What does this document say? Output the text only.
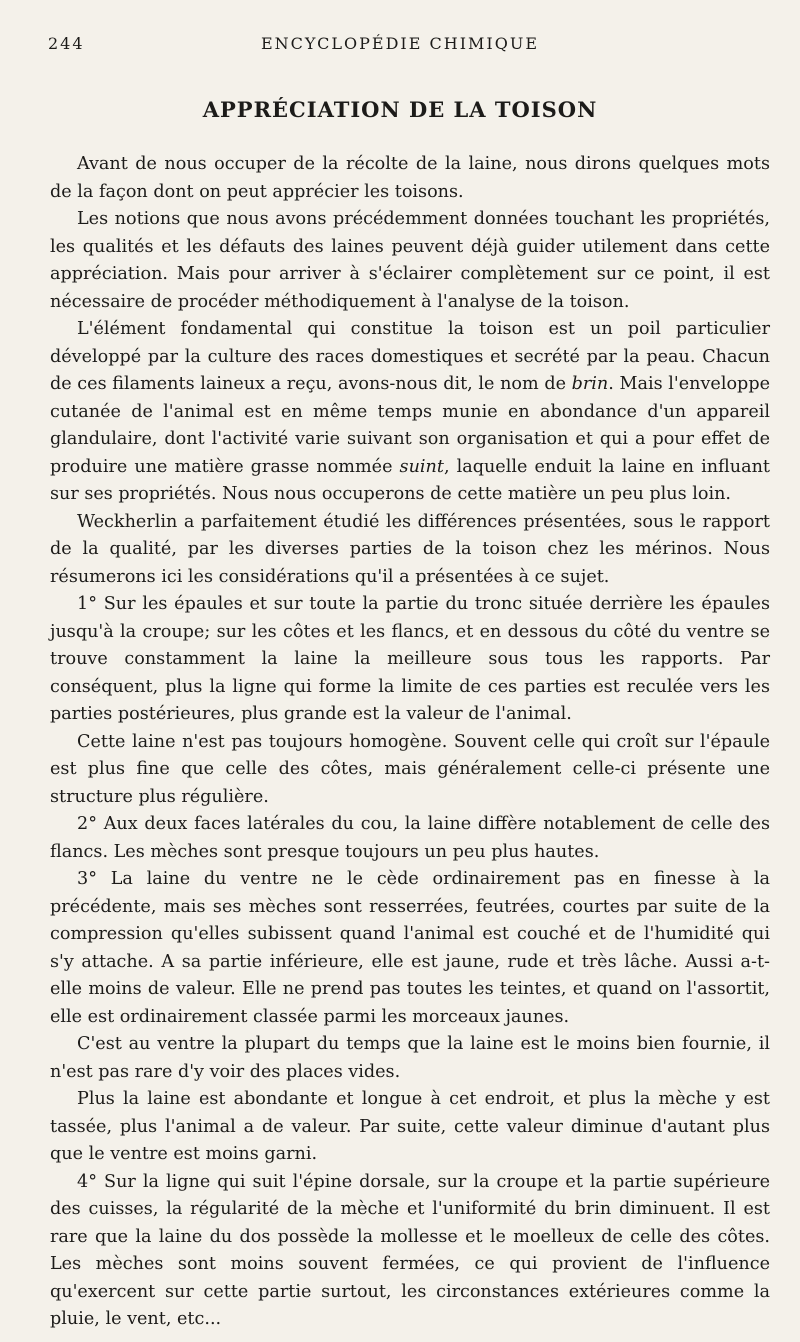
244	ENCYCLOPÉDIE CHIMIQUE
APPRÉCIATION DE LA TOISON

Avant de nous occuper de la récolte de la laine, nous dirons quelques mots de la façon dont on peut apprécier les toisons.

Les notions que nous avons précédemment données touchant les propriétés, les qualités et les défauts des laines peuvent déjà guider utilement dans cette appréciation. Mais pour arriver à s'éclairer complètement sur ce point, il est nécessaire de procéder méthodiquement à l'analyse de la toison.

L'élément fondamental qui constitue la toison est un poil particulier développé par la culture des races domestiques et secrété par la peau. Chacun de ces filaments laineux a reçu, avons-nous dit, le nom de brin. Mais l'enveloppe cutanée de l'animal est en même temps munie en abondance d'un appareil glandulaire, dont l'activité varie suivant son organisation et qui a pour effet de produire une matière grasse nommée suint, laquelle enduit la laine en influant sur ses propriétés. Nous nous occuperons de cette matière un peu plus loin.

Weckherlin a parfaitement étudié les différences présentées, sous le rapport de la qualité, par les diverses parties de la toison chez les mérinos. Nous résumerons ici les considérations qu'il a présentées à ce sujet.

1° Sur les épaules et sur toute la partie du tronc située derrière les épaules jusqu'à la croupe; sur les côtes et les flancs, et en dessous du côté du ventre se trouve constamment la laine la meilleure sous tous les rapports. Par conséquent, plus la ligne qui forme la limite de ces parties est reculée vers les parties postérieures, plus grande est la valeur de l'animal.

Cette laine n'est pas toujours homogène. Souvent celle qui croît sur l'épaule est plus fine que celle des côtes, mais généralement celle-ci présente une structure plus régulière.

2° Aux deux faces latérales du cou, la laine diffère notablement de celle des flancs. Les mèches sont presque toujours un peu plus hautes.

3° La laine du ventre ne le cède ordinairement pas en finesse à la précédente, mais ses mèches sont resserrées, feutrées, courtes par suite de la compression qu'elles subissent quand l'animal est couché et de l'humidité qui s'y attache. A sa partie inférieure, elle est jaune, rude et très lâche. Aussi a-t-elle moins de valeur. Elle ne prend pas toutes les teintes, et quand on l'assortit, elle est ordinairement classée parmi les morceaux jaunes.

C'est au ventre la plupart du temps que la laine est le moins bien fournie, il n'est pas rare d'y voir des places vides.

Plus la laine est abondante et longue à cet endroit, et plus la mèche y est tassée, plus l'animal a de valeur. Par suite, cette valeur diminue d'autant plus que le ventre est moins garni.

4° Sur la ligne qui suit l'épine dorsale, sur la croupe et la partie supérieure des cuisses, la régularité de la mèche et l'uniformité du brin diminuent. Il est rare que la laine du dos possède la mollesse et le moelleux de celle des côtes. Les mèches sont moins souvent fermées, ce qui provient de l'influence qu'exercent sur cette partie surtout, les circonstances extérieures comme la pluie, le vent, etc...
